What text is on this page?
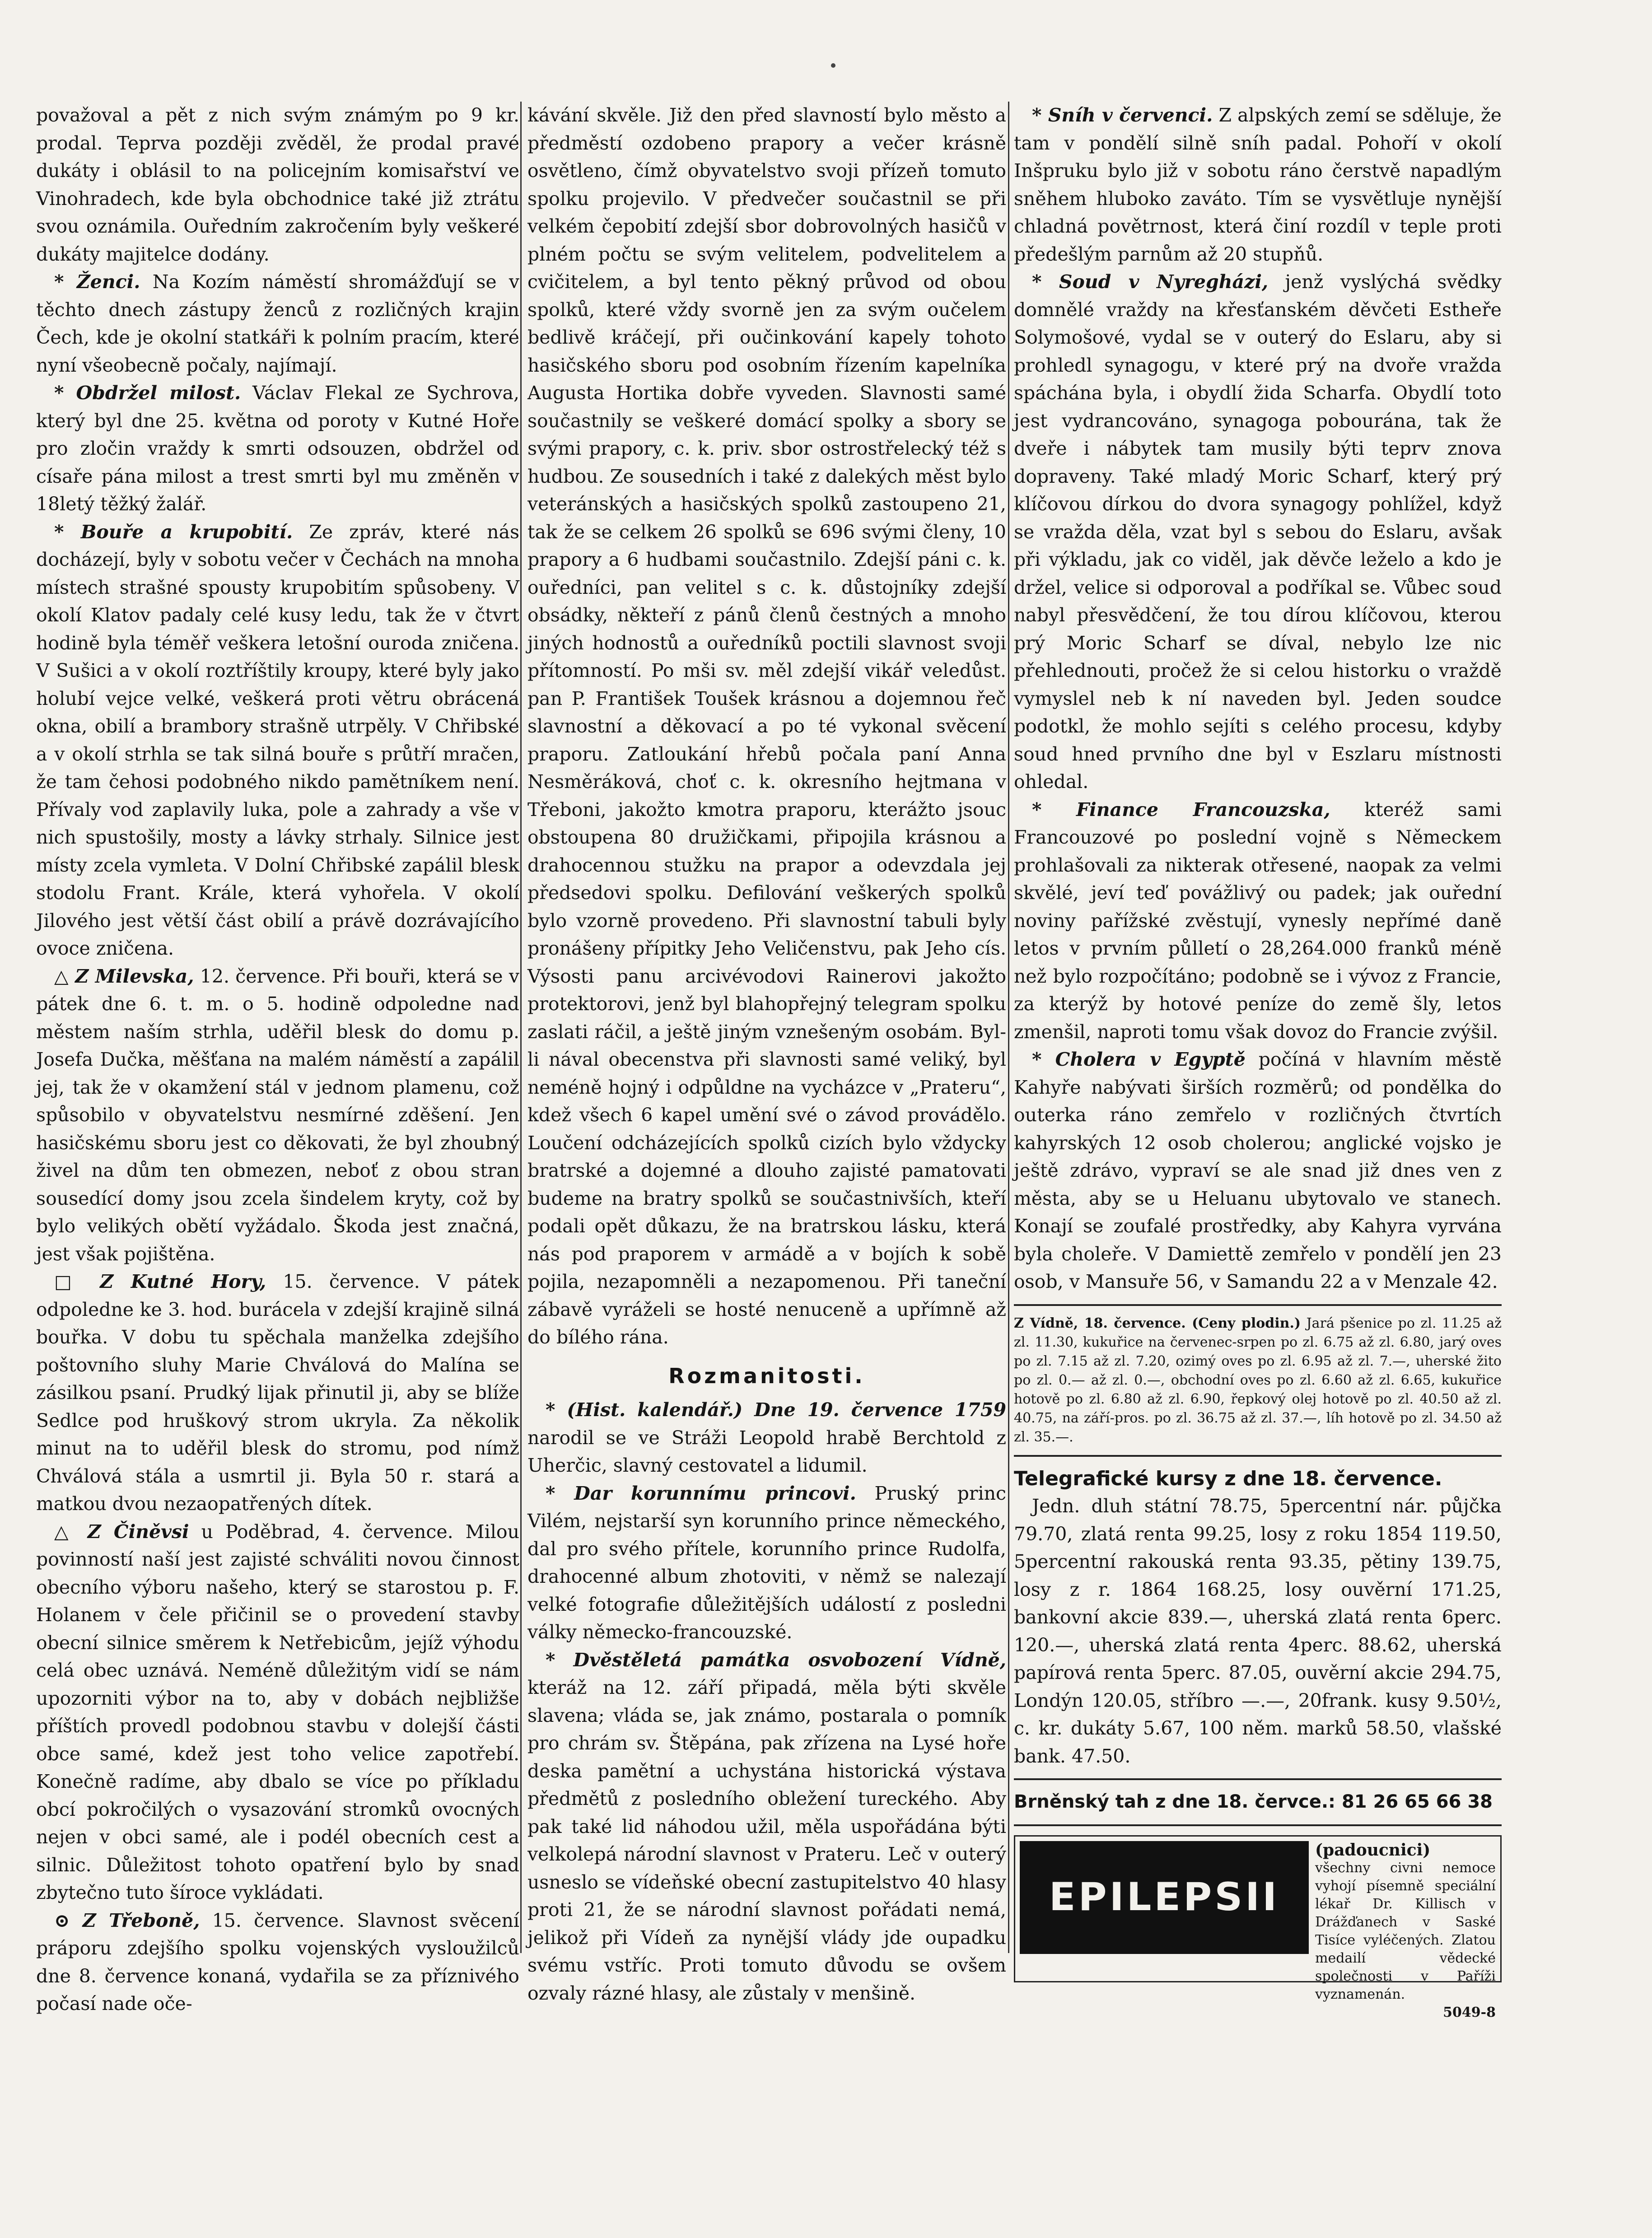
považoval a pět z nich svým známým po 9 kr. prodal. Teprva později zvěděl, že prodal pravé dukáty i oblásil to na policejním komisařství ve Vinohradech, kde byla obchodnice také již ztrátu svou oznámila. Ouředním zakročením byly veškeré dukáty majitelce dodány.

* Ženci. Na Kozím náměstí shromážďují se v těchto dnech zástupy ženců z rozličných krajin Čech, kde je okolní statkáři k polním pracím, které nyní všeobecně počaly, najímají.

* Obdržel milost. Václav Flekal ze Sychrova, který byl dne 25. května od poroty v Kutné Hoře pro zločin vraždy k smrti odsouzen, obdržel od císaře pána milost a trest smrti byl mu změněn v 18letý těžký žalář.

* Bouře a krupobití. Ze zpráv, které nás docházejí, byly v sobotu večer v Čechách na mnoha místech strašné spousty krupobitím spůsobeny. V okolí Klatov padaly celé kusy ledu, tak že v čtvrt hodině byla téměř veškera letošní ouroda zničena. V Sušici a v okolí roztříštily kroupy, které byly jako holubí vejce velké, veškerá proti větru obrácená okna, obilí a brambory strašně utrpěly. V Chřibské a v okolí strhla se tak silná bouře s průtří mračen, že tam čehosi podobného nikdo pamětníkem není. Přívaly vod zaplavily luka, pole a zahrady a vše v nich spustošily, mosty a lávky strhaly. Silnice jest místy zcela vymleta. V Dolní Chřibské zapálil blesk stodolu Frant. Krále, která vyhořela. V okolí Jilového jest větší část obilí a právě dozrávajícího ovoce zničena.

△ Z Milevska, 12. července. Při bouři, která se v pátek dne 6. t. m. o 5. hodině odpoledne nad městem naším strhla, uděřil blesk do domu p. Josefa Dučka, měšťana na malém náměstí a zapálil jej, tak že v okamžení stál v jednom plamenu, což spůsobilo v obyvatelstvu nesmírné zděšení. Jen hasičskému sboru jest co děkovati, že byl zhoubný živel na dům ten obmezen, neboť z obou stran sousedící domy jsou zcela šindelem kryty, což by bylo velikých obětí vyžádalo. Škoda jest značná, jest však pojištěna.

□ Z Kutné Hory, 15. července. V pátek odpoledne ke 3. hod. burácela v zdejší krajině silná bouřka. V dobu tu spěchala manželka zdejšího poštovního sluhy Marie Chválová do Malína se zásilkou psaní. Prudký lijak přinutil ji, aby se blíže Sedlce pod hruškový strom ukryla. Za několik minut na to uděřil blesk do stromu, pod nímž Chválová stála a usmrtil ji. Byla 50 r. stará a matkou dvou nezaopatřených dítek.

△ Z Činěvsi u Poděbrad, 4. července. Milou povinností naší jest zajisté schváliti novou činnost obecního výboru našeho, který se starostou p. F. Holanem v čele přičinil se o provedení stavby obecní silnice směrem k Netřebicům, jejíž výhodu celá obec uznává. Neméně důležitým vidí se nám upozorniti výbor na to, aby v dobách nejbližše příštích provedl podobnou stavbu v dolejší části obce samé, kdež jest toho velice zapotřebí. Konečně radíme, aby dbalo se více po příkladu obcí pokročilých o vysazování stromků ovocných nejen v obci samé, ale i podél obecních cest a silnic. Důležitost tohoto opatření bylo by snad zbytečno tuto šíroce vykládati.

⊙ Z Třeboně, 15. července. Slavnost svěcení práporu zdejšího spolku vojenských vysloužilců dne 8. července konaná, vydařila se za příznivého počasí nade oče-

kávání skvěle. Již den před slavností bylo město a předměstí ozdobeno prapory a večer krásně osvětleno, čímž obyvatelstvo svoji přízeň tomuto spolku projevilo. V předvečer součastnil se při velkém čepobití zdejší sbor dobrovolných hasičů v plném počtu se svým velitelem, podvelitelem a cvičitelem, a byl tento pěkný průvod od obou spolků, které vždy svorně jen za svým oučelem bedlivě kráčejí, při oučinkování kapely tohoto hasičského sboru pod osobním řízením kapelníka Augusta Hortika dobře vyveden. Slavnosti samé součastnily se veškeré domácí spolky a sbory se svými prapory, c. k. priv. sbor ostrostřelecký též s hudbou. Ze sousedních i také z dalekých měst bylo veteránských a hasičských spolků zastoupeno 21, tak že se celkem 26 spolků se 696 svými členy, 10 prapory a 6 hudbami součastnilo. Zdejší páni c. k. ouředníci, pan velitel s c. k. důstojníky zdejší obsádky, někteří z pánů členů čestných a mnoho jiných hodnostů a ouředníků poctili slavnost svoji přítomností. Po mši sv. měl zdejší vikář veledůst. pan P. František Toušek krásnou a dojemnou řeč slavnostní a děkovací a po té vykonal svěcení praporu. Zatloukání hřebů počala paní Anna Nesměráková, choť c. k. okresního hejtmana v Třeboni, jakožto kmotra praporu, kterážto jsouc obstoupena 80 družičkami, připojila krásnou a drahocennou stužku na prapor a odevzdala jej předsedovi spolku. Defilování veškerých spolků bylo vzorně provedeno. Při slavnostní tabuli byly pronášeny přípitky Jeho Veličenstvu, pak Jeho cís. Výsosti panu arcivévodovi Rainerovi jakožto protektorovi, jenž byl blahopřejný telegram spolku zaslati ráčil, a ještě jiným vznešeným osobám. Byl-li nával obecenstva při slavnosti samé veliký, byl neméně hojný i odpůldne na vycházce v „Prateru“, kdež všech 6 kapel umění své o závod provádělo. Loučení odcházejících spolků cizích bylo vždycky bratrské a dojemné a dlouho zajisté pamatovati budeme na bratry spolků se součastnivších, kteří podali opět důkazu, že na bratrskou lásku, která nás pod praporem v armádě a v bojích k sobě pojila, nezapomněli a nezapomenou. Při taneční zábavě vyráželi se hosté nenuceně a upřímně až do bílého rána.

Rozmanitosti.

* (Hist. kalendář.) Dne 19. července 1759 narodil se ve Stráži Leopold hrabě Berchtold z Uherčic, slavný cestovatel a lidumil.

* Dar korunnímu princovi. Pruský princ Vilém, nejstarší syn korunního prince německého, dal pro svého přítele, korunního prince Rudolfa, drahocenné album zhotoviti, v němž se nalezají velké fotografie důležitějších událostí z posledni války německo-francouzské.

* Dvěstěletá památka osvobození Vídně, kteráž na 12. září připadá, měla býti skvěle slavena; vláda se, jak známo, postarala o pomník pro chrám sv. Štěpána, pak zřízena na Lysé hoře deska pamětní a uchystána historická výstava předmětů z posledního obležení tureckého. Aby pak také lid náhodou užil, měla uspořádána býti velkolepá národní slavnost v Prateru. Leč v outerý usneslo se vídeňské obecní zastupitelstvo 40 hlasy proti 21, že se národní slavnost pořádati nemá, jelikož při Vídeň za nynější vlády jde oupadku svému vstříc. Proti tomuto důvodu se ovšem ozvaly rázné hlasy, ale zůstaly v menšině.

* Sníh v červenci. Z alpských zemí se sděluje, že tam v pondělí silně sníh padal. Pohoří v okolí Inšpruku bylo již v sobotu ráno čerstvě napadlým sněhem hluboko zaváto. Tím se vysvětluje nynější chladná povětrnost, která činí rozdíl v teple proti předešlým parnům až 20 stupňů.

* Soud v Nyregházi, jenž vyslýchá svědky domnělé vraždy na křesťanském děvčeti Estheře Solymošové, vydal se v outerý do Eslaru, aby si prohledl synagogu, v které prý na dvoře vražda spáchána byla, i obydlí žida Scharfa. Obydlí toto jest vydrancováno, synagoga pobourána, tak že dveře i nábytek tam musily býti teprv znova dopraveny. Také mladý Moric Scharf, který prý klíčovou dírkou do dvora synagogy pohlížel, když se vražda děla, vzat byl s sebou do Eslaru, avšak při výkladu, jak co viděl, jak děvče leželo a kdo je držel, velice si odporoval a podříkal se. Vůbec soud nabyl přesvědčení, že tou dírou klíčovou, kterou prý Moric Scharf se díval, nebylo lze nic přehlednouti, pročež že si celou historku o vraždě vymyslel neb k ní naveden byl. Jeden soudce podotkl, že mohlo sejíti s celého procesu, kdyby soud hned prvního dne byl v Eszlaru místnosti ohledal.

* Finance Francouzska, kteréž sami Francouzové po poslední vojně s Německem prohlašovali za nikterak otřesené, naopak za velmi skvělé, jeví teď povážlivý ou padek; jak ouřední noviny pařížské zvěstují, vynesly nepřímé daně letos v prvním půlletí o 28,264.000 franků méně než bylo rozpočítáno; podobně se i vývoz z Francie, za kterýž by hotové peníze do země šly, letos zmenšil, naproti tomu však dovoz do Francie zvýšil.

* Cholera v Egyptě počíná v hlavním městě Kahyře nabývati širších rozměrů; od pondělka do outerka ráno zemřelo v rozličných čtvrtích kahyrských 12 osob cholerou; anglické vojsko je ještě zdrávo, vypraví se ale snad již dnes ven z města, aby se u Heluanu ubytovalo ve stanech. Konají se zoufalé prostředky, aby Kahyra vyrvána byla choleře. V Damiettě zemřelo v pondělí jen 23 osob, v Mansuře 56, v Samandu 22 a v Menzale 42.

Z Vídně, 18. července. (Ceny plodin.) Jará pšenice po zl. 11.25 až zl. 11.30, kukuřice na červenec-srpen po zl. 6.75 až zl. 6.80, jarý oves po zl. 7.15 až zl. 7.20, ozimý oves po zl. 6.95 až zl. 7.—, uherské žito po zl. 0.— až zl. 0.—, obchodní oves po zl. 6.60 až zl. 6.65, kukuřice hotově po zl. 6.80 až zl. 6.90, řepkový olej hotově po zl. 40.50 až zl. 40.75, na září-pros. po zl. 36.75 až zl. 37.—, líh hotově po zl. 34.50 až zl. 35.—.
Telegrafické kursy z dne 18. července.

Jedn. dluh státní 78.75, 5percentní nár. půjčka 79.70, zlatá renta 99.25, losy z roku 1854 119.50, 5percentní rakouská renta 93.35, pětiny 139.75, losy z r. 1864 168.25, losy ouvěrní 171.25, bankovní akcie 839.—, uherská zlatá renta 6perc. 120.—, uherská zlatá renta 4perc. 88.62, uherská papírová renta 5perc. 87.05, ouvěrní akcie 294.75, Londýn 120.05, stříbro —.—, 20frank. kusy 9.50½, c. kr. dukáty 5.67, 100 něm. marků 58.50, vlašské bank. 47.50.

Brněnský tah z dne 18. červce.: 81 26 65 66 38
EPILEPSII
(padoucnici)
všechny civni nemoce vyhojí písemně speciální lékař Dr. Killisch v Drážďanech v Saské Tisíce vyléčených. Zlatou medailí vědecké společnosti v Paříži vyznamenán.
5049-8
